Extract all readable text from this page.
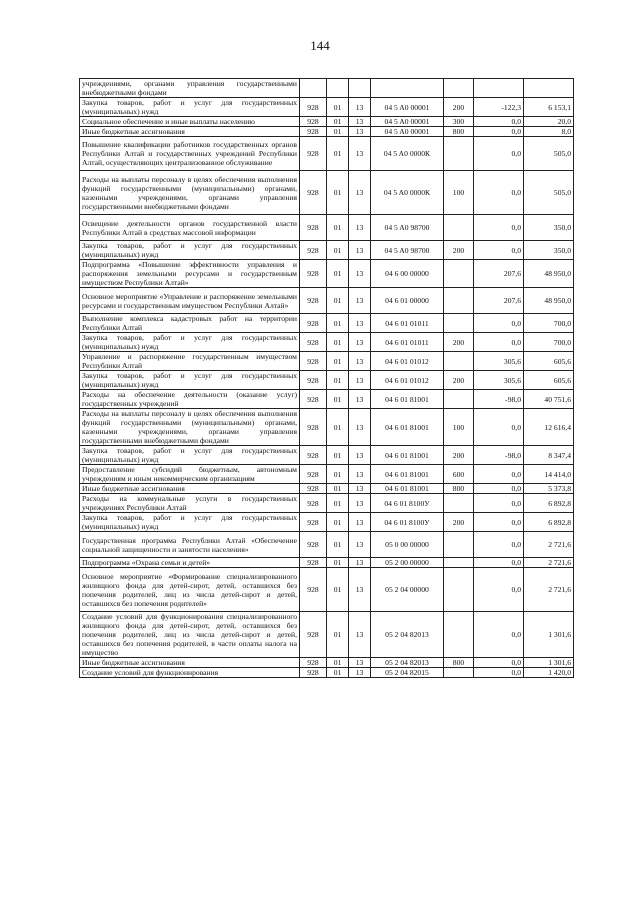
144
учреждениями, органами управления государственными внебюджетными фондами							
Закупка товаров, работ и услуг для государственных (муниципальных) нужд	928	01	13	04 5 A0 00001	200	-122,3	6 153,1
Социальное обеспечение и иные выплаты населению	928	01	13	04 5 A0 00001	300	0,0	20,0
Иные бюджетные ассигнования	928	01	13	04 5 A0 00001	800	0,0	8,0
Повышение квалификации работников государственных органов Республики Алтай и государственных учреждений Республики Алтай, осуществляющих централизованное обслуживание	928	01	13	04 5 A0 0000К		0,0	505,0
Расходы на выплаты персоналу в целях обеспечения выполнения функций государственными (муниципальными) органами, казенными учреждениями, органами управления государственными внебюджетными фондами	928	01	13	04 5 A0 0000К	100	0,0	505,0
Освещение деятельности органов государственной власти Республики Алтай в средствах массовой информации	928	01	13	04 5 A0 98700		0,0	350,0
Закупка товаров, работ и услуг для государственных (муниципальных) нужд	928	01	13	04 5 A0 98700	200	0,0	350,0
Подпрограмма «Повышение эффективности управления и распоряжения земельными ресурсами и государственным имуществом Республики Алтай»	928	01	13	04 6 00 00000		207,6	48 950,0
Основное мероприятие «Управление и распоряжение земельными ресурсами и государственным имуществом Республики Алтай»	928	01	13	04 6 01 00000		207,6	48 950,0
Выполнение комплекса кадастровых работ на территории Республики Алтай	928	01	13	04 6 01 01011		0,0	700,0
Закупка товаров, работ и услуг для государственных (муниципальных) нужд	928	01	13	04 6 01 01011	200	0,0	700,0
Управление и распоряжение государственным имуществом Республики Алтай	928	01	13	04 6 01 01012		305,6	605,6
Закупка товаров, работ и услуг для государственных (муниципальных) нужд	928	01	13	04 6 01 01012	200	305,6	605,6
Расходы на обеспечение деятельности (оказание услуг) государственных учреждений	928	01	13	04 6 01 81001		-98,0	40 751,6
Расходы на выплаты персоналу в целях обеспечения выполнения функций государственными (муниципальными) органами, казенными учреждениями, органами управления государственными внебюджетными фондами	928	01	13	04 6 01 81001	100	0,0	12 616,4
Закупка товаров, работ и услуг для государственных (муниципальных) нужд	928	01	13	04 6 01 81001	200	-98,0	8 347,4
Предоставление субсидий бюджетным, автономным учреждениям и иным некоммерческим организациям	928	01	13	04 6 01 81001	600	0,0	14 414,0
Иные бюджетные ассигнования	928	01	13	04 6 01 81001	800	0,0	5 373,8
Расходы на коммунальные услуги в государственных учреждениях Республики Алтай	928	01	13	04 6 01 8100У		0,0	6 892,8
Закупка товаров, работ и услуг для государственных (муниципальных) нужд	928	01	13	04 6 01 8100У	200	0,0	6 892,8
Государственная программа Республики Алтай «Обеспечение социальной защищенности и занятости населения»	928	01	13	05 0 00 00000		0,0	2 721,6
Подпрограмма «Охрана семьи и детей»	928	01	13	05 2 00 00000		0,0	2 721,6
Основное мероприятие «Формирование специализированного жилищного фонда для детей-сирот, детей, оставшихся без попечения родителей, лиц из числа детей-сирот и детей, оставшихся без попечения родителей»	928	01	13	05 2 04 00000		0,0	2 721,6
Создание условий для функционирования специализированного жилищного фонда для детей-сирот, детей, оставшихся без попечения родителей, лиц из числа детей-сирот и детей, оставшихся без попечения родителей, в части оплаты налога на имущество	928	01	13	05 2 04 82013		0,0	1 301,6
Иные бюджетные ассигнования	928	01	13	05 2 04 82013	800	0,0	1 301,6
Создание условий для функционирования	928	01	13	05 2 04 82015		0,0	1 420,0
